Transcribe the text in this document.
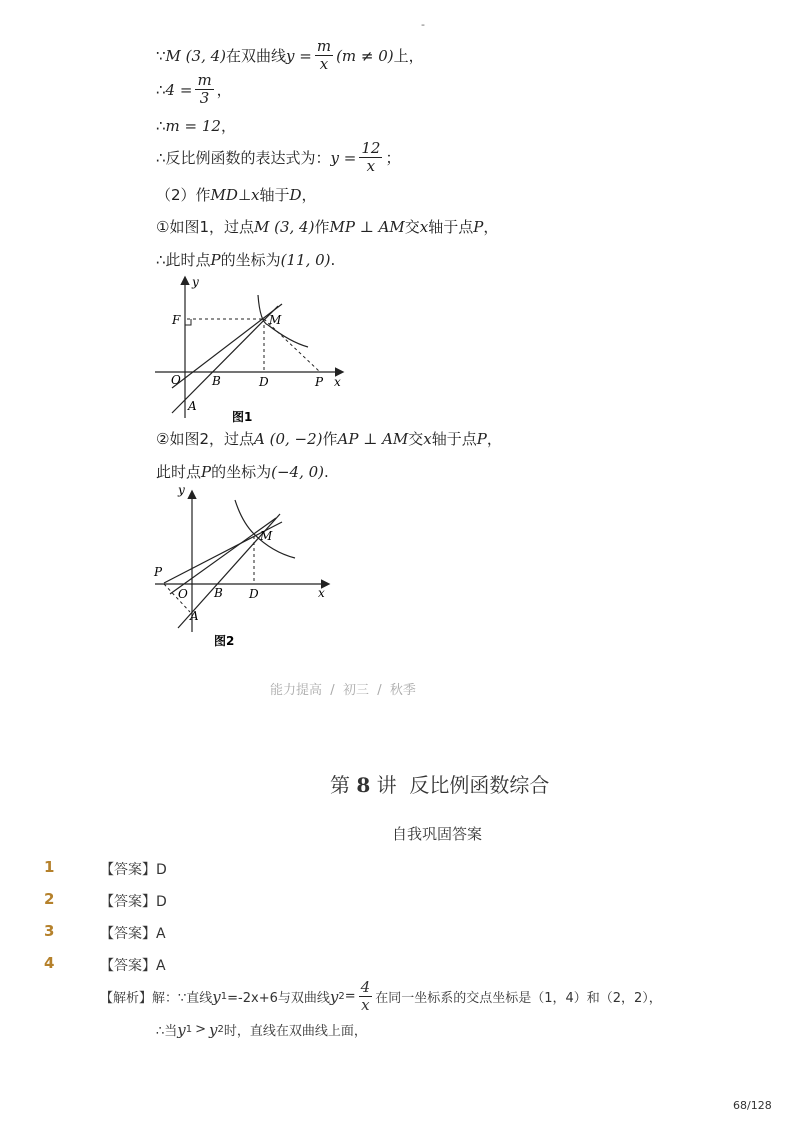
-
∵ M (3, 4) 在双曲线 $y = \frac{m}{x} (m \ne 0)$ 上，
∴ $4 = \frac{m}{3}$ ，
∴ m = 12 ，
∴反比例函数的表达式为： $y = \frac{12}{x}$ ；
（2）作 MD ⊥ x 轴于 D ，
①如图1，过点 M (3, 4) 作 MP ⊥ AM 交 x 轴于点 P ，
∴此时点 P 的坐标为 (11, 0) .
y
x
O
A
B	D	P
F	M
图1
②如图2，过点 A (0, −2) 作 AP ⊥ AM 交 x 轴于点 P ，
此时点 P 的坐标为 (−4, 0) .
y
x
O
A
B D
P
M
图2
能力提高 / 初三 / 秋季
第 8 讲 反比例函数综合
自我巩固答案
1	【答案】D
2	【答案】D
3	【答案】A
4	【答案】A
【解析】 解：∵直线 y 1 =-2x+6与双曲线 y $2 = \frac{4}{x}$ 在同一坐标系的交点坐标是（1，4）和（2，2），
∴当 y 1 > y 2 时，直线在双曲线上面，
68/128
